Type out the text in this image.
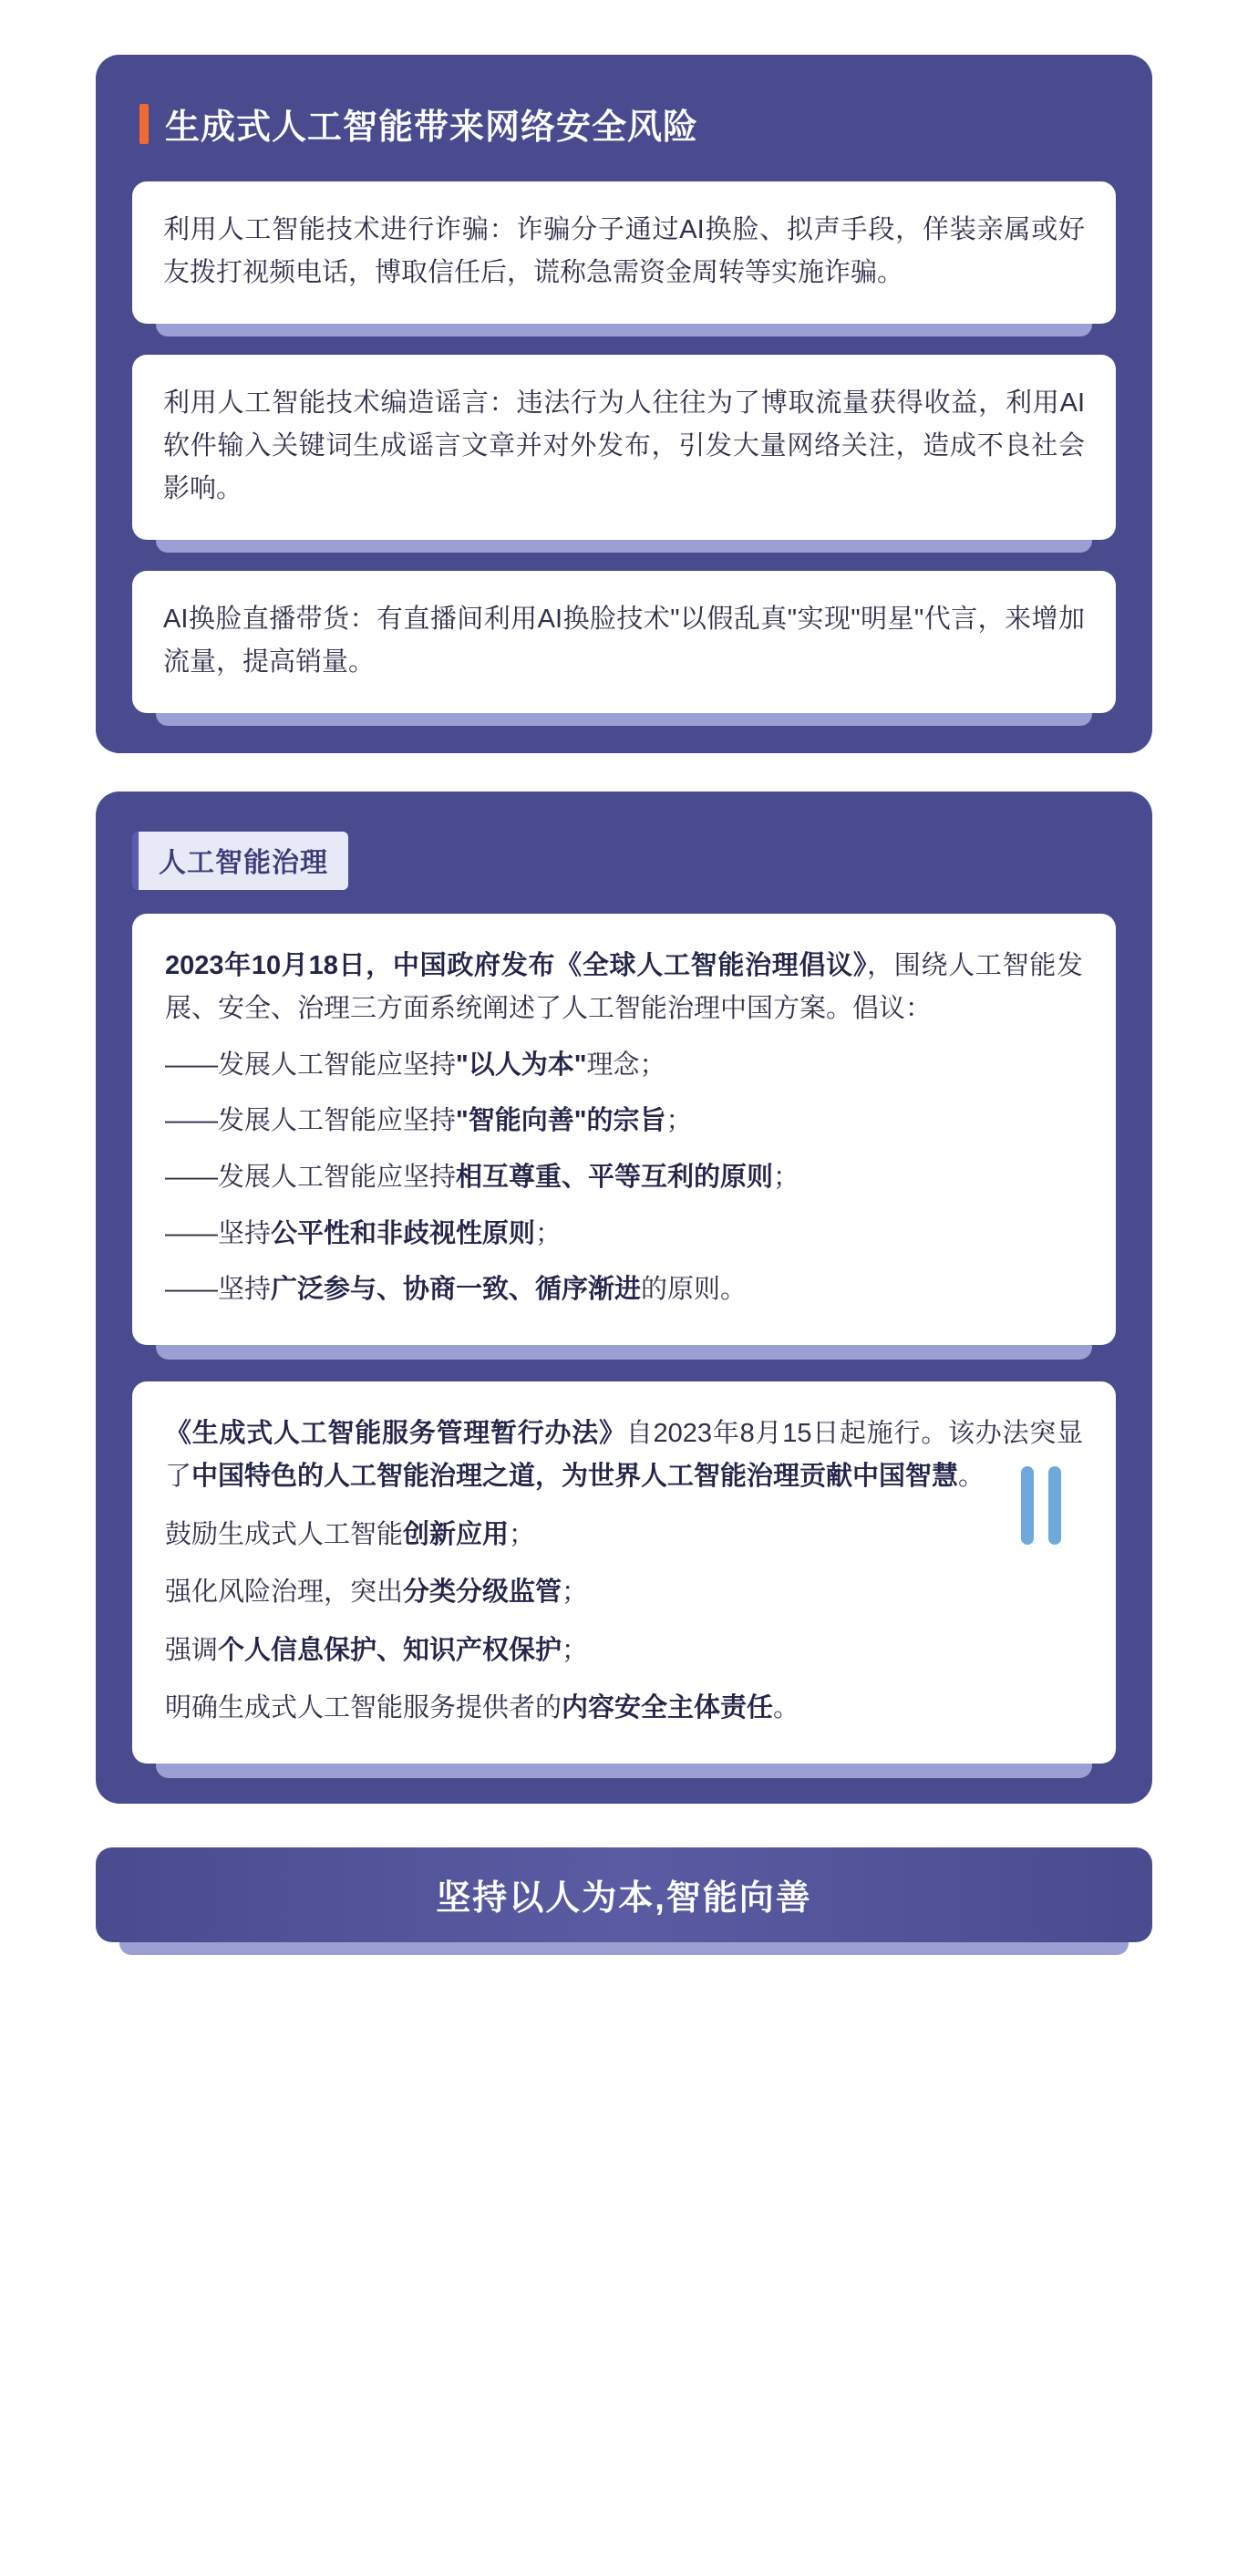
生成式人工智能带来网络安全风险
利用人工智能技术进行诈骗：诈骗分子通过AI换脸、拟声手段，佯装亲属或好友拨打视频电话，博取信任后，谎称急需资金周转等实施诈骗。
利用人工智能技术编造谣言：违法行为人往往为了博取流量获得收益，利用AI软件输入关键词生成谣言文章并对外发布，引发大量网络关注，造成不良社会影响。
AI换脸直播带货：有直播间利用AI换脸技术"以假乱真"实现"明星"代言，来增加流量，提高销量。
人工智能治理

2023年10月18日，中国政府发布《全球人工智能治理倡议》，围绕人工智能发展、安全、治理三方面系统阐述了人工智能治理中国方案。倡议：

——发展人工智能应坚持"以人为本"理念；

——发展人工智能应坚持"智能向善"的宗旨；

——发展人工智能应坚持相互尊重、平等互利的原则；

——坚持公平性和非歧视性原则；

——坚持广泛参与、协商一致、循序渐进的原则。

《生成式人工智能服务管理暂行办法》自2023年8月15日起施行。该办法突显了中国特色的人工智能治理之道，为世界人工智能治理贡献中国智慧。

鼓励生成式人工智能创新应用；

强化风险治理，突出分类分级监管；

强调个人信息保护、知识产权保护；

明确生成式人工智能服务提供者的内容安全主体责任。

坚持以人为本,智能向善
